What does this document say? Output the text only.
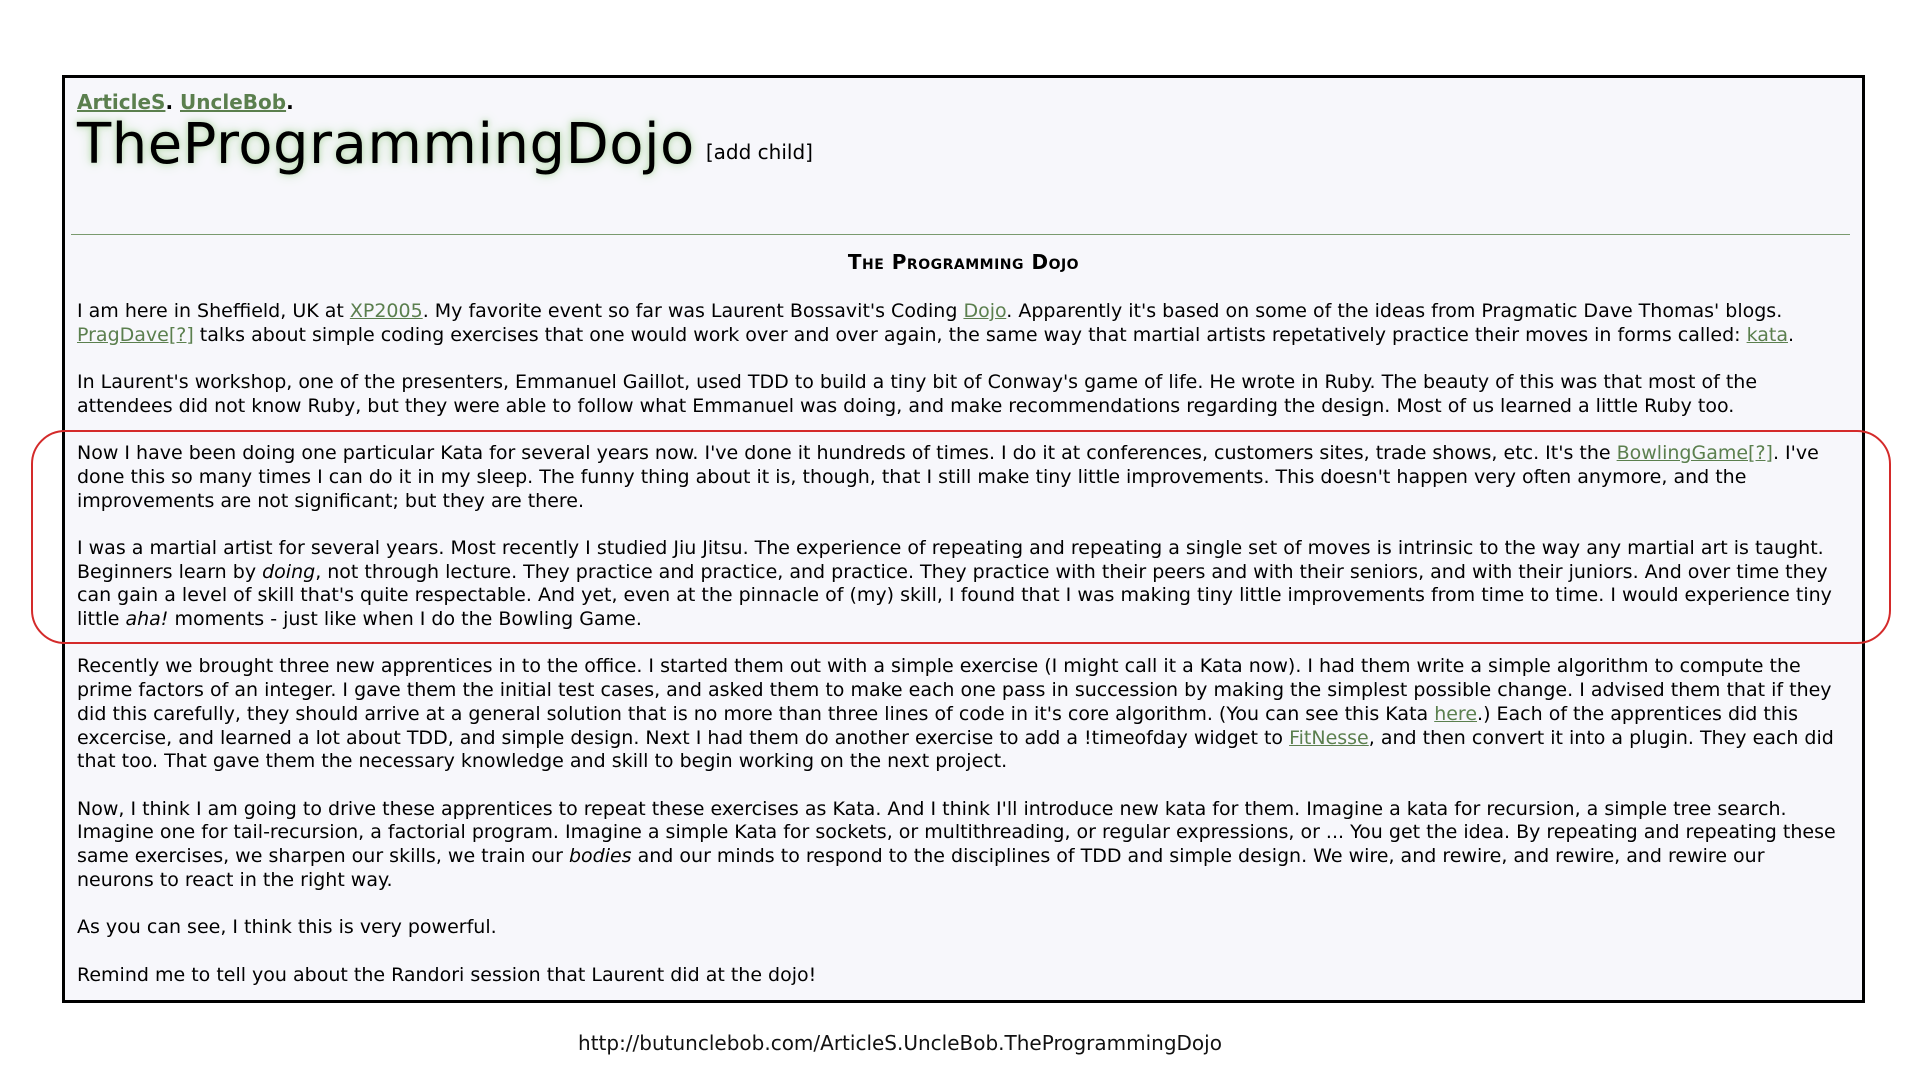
ArticleS. UncleBob.
TheProgrammingDojo [add child]
The Programming Dojo

I am here in Sheffield, UK at XP2005. My favorite event so far was Laurent Bossavit's Coding Dojo. Apparently it's based on some of the ideas from Pragmatic Dave Thomas' blogs. PragDave[?] talks about simple coding exercises that one would work over and over again, the same way that martial artists repetatively practice their moves in forms called: kata.

In Laurent's workshop, one of the presenters, Emmanuel Gaillot, used TDD to build a tiny bit of Conway's game of life. He wrote in Ruby. The beauty of this was that most of the attendees did not know Ruby, but they were able to follow what Emmanuel was doing, and make recommendations regarding the design. Most of us learned a little Ruby too.

Now I have been doing one particular Kata for several years now. I've done it hundreds of times. I do it at conferences, customers sites, trade shows, etc. It's the BowlingGame[?]. I've done this so many times I can do it in my sleep. The funny thing about it is, though, that I still make tiny little improvements. This doesn't happen very often anymore, and the improvements are not significant; but they are there.

I was a martial artist for several years. Most recently I studied Jiu Jitsu. The experience of repeating and repeating a single set of moves is intrinsic to the way any martial art is taught. Beginners learn by doing, not through lecture. They practice and practice, and practice. They practice with their peers and with their seniors, and with their juniors. And over time they can gain a level of skill that's quite respectable. And yet, even at the pinnacle of (my) skill, I found that I was making tiny little improvements from time to time. I would experience tiny little aha! moments - just like when I do the Bowling Game.

Recently we brought three new apprentices in to the office. I started them out with a simple exercise (I might call it a Kata now). I had them write a simple algorithm to compute the prime factors of an integer. I gave them the initial test cases, and asked them to make each one pass in succession by making the simplest possible change. I advised them that if they did this carefully, they should arrive at a general solution that is no more than three lines of code in it's core algorithm. (You can see this Kata here.) Each of the apprentices did this excercise, and learned a lot about TDD, and simple design. Next I had them do another exercise to add a !timeofday widget to FitNesse, and then convert it into a plugin. They each did that too. That gave them the necessary knowledge and skill to begin working on the next project.

Now, I think I am going to drive these apprentices to repeat these exercises as Kata. And I think I'll introduce new kata for them. Imagine a kata for recursion, a simple tree search. Imagine one for tail-recursion, a factorial program. Imagine a simple Kata for sockets, or multithreading, or regular expressions, or ... You get the idea. By repeating and repeating these same exercises, we sharpen our skills, we train our bodies and our minds to respond to the disciplines of TDD and simple design. We wire, and rewire, and rewire, and rewire our neurons to react in the right way.

As you can see, I think this is very powerful.

Remind me to tell you about the Randori session that Laurent did at the dojo!

http://butunclebob.com/ArticleS.UncleBob.TheProgrammingDojo
